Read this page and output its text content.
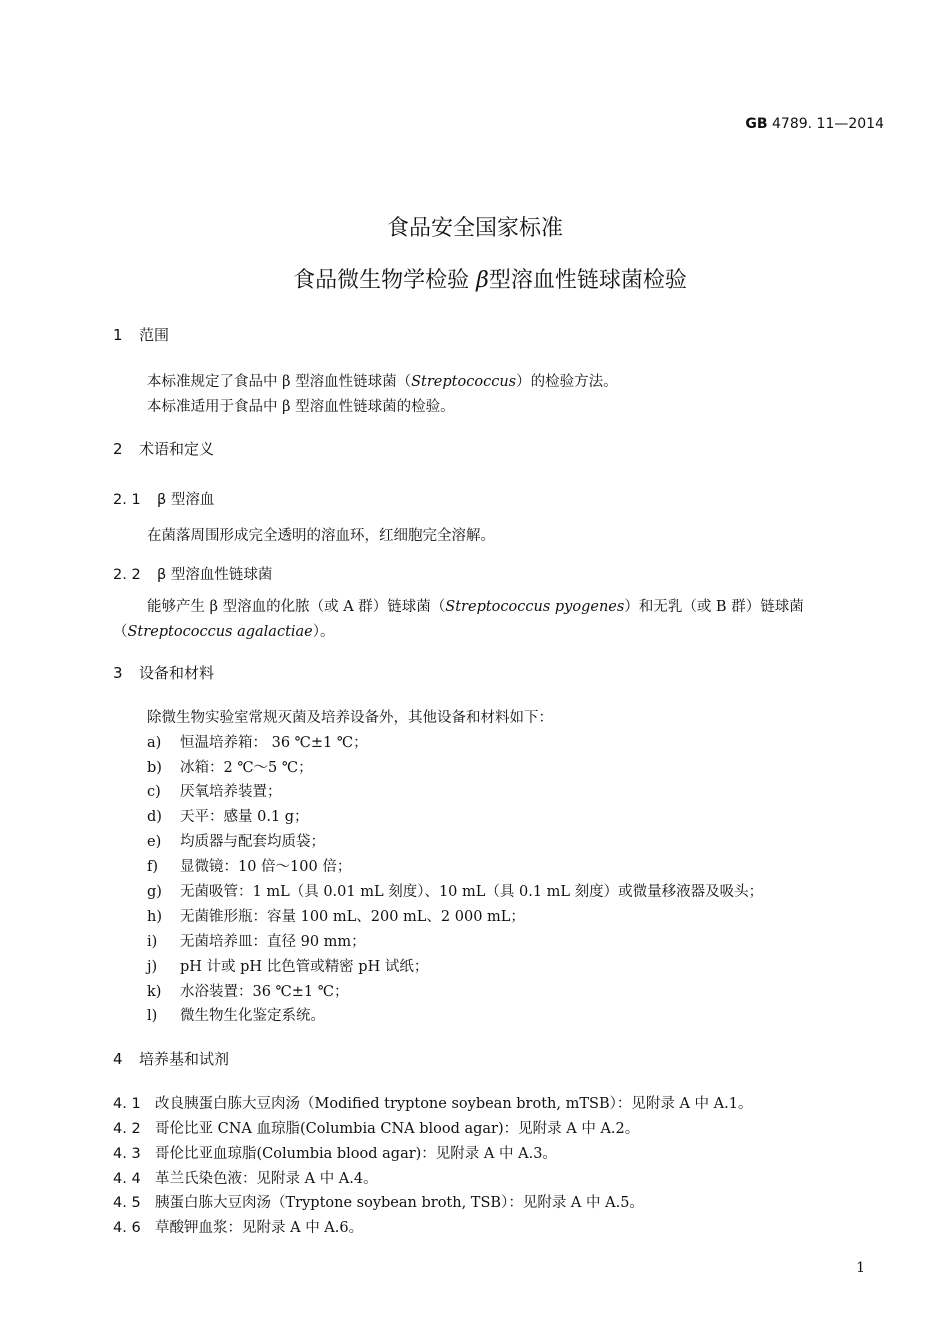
GB 4789. 11—2014
食品安全国家标准
食品微生物学检验 β型溶血性链球菌检验
1 范围
本标准规定了食品中 β 型溶血性链球菌（Streptococcus）的检验方法。
本标准适用于食品中 β 型溶血性链球菌的检验。
2 术语和定义
2. 1 β 型溶血
在菌落周围形成完全透明的溶血环，红细胞完全溶解。
2. 2 β 型溶血性链球菌
能够产生 β 型溶血的化脓（或 A 群）链球菌（Streptococcus pyogenes）和无乳（或 B 群）链球菌
（Streptococcus agalactiae）。
3 设备和材料
除微生物实验室常规灭菌及培养设备外，其他设备和材料如下：
a) 恒温培养箱： 36 ℃±1 ℃；
b) 冰箱：2 ℃～5 ℃；
c) 厌氧培养装置；
d) 天平：感量 0.1 g；
e) 均质器与配套均质袋；
f) 显微镜：10 倍～100 倍；
g) 无菌吸管：1 mL（具 0.01 mL 刻度）、10 mL（具 0.1 mL 刻度）或微量移液器及吸头；
h) 无菌锥形瓶：容量 100 mL、200 mL、2 000 mL；
i) 无菌培养皿：直径 90 mm；
j) pH 计或 pH 比色管或精密 pH 试纸；
k) 水浴装置：36 ℃±1 ℃；
l) 微生物生化鉴定系统。
4 培养基和试剂
4. 1 改良胰蛋白胨大豆肉汤（Modified tryptone soybean broth, mTSB）：见附录 A 中 A.1。
4. 2 哥伦比亚 CNA 血琼脂(Columbia CNA blood agar)：见附录 A 中 A.2。
4. 3 哥伦比亚血琼脂(Columbia blood agar)：见附录 A 中 A.3。
4. 4 革兰氏染色液：见附录 A 中 A.4。
4. 5 胰蛋白胨大豆肉汤（Tryptone soybean broth, TSB）：见附录 A 中 A.5。
4. 6 草酸钾血浆：见附录 A 中 A.6。
1
